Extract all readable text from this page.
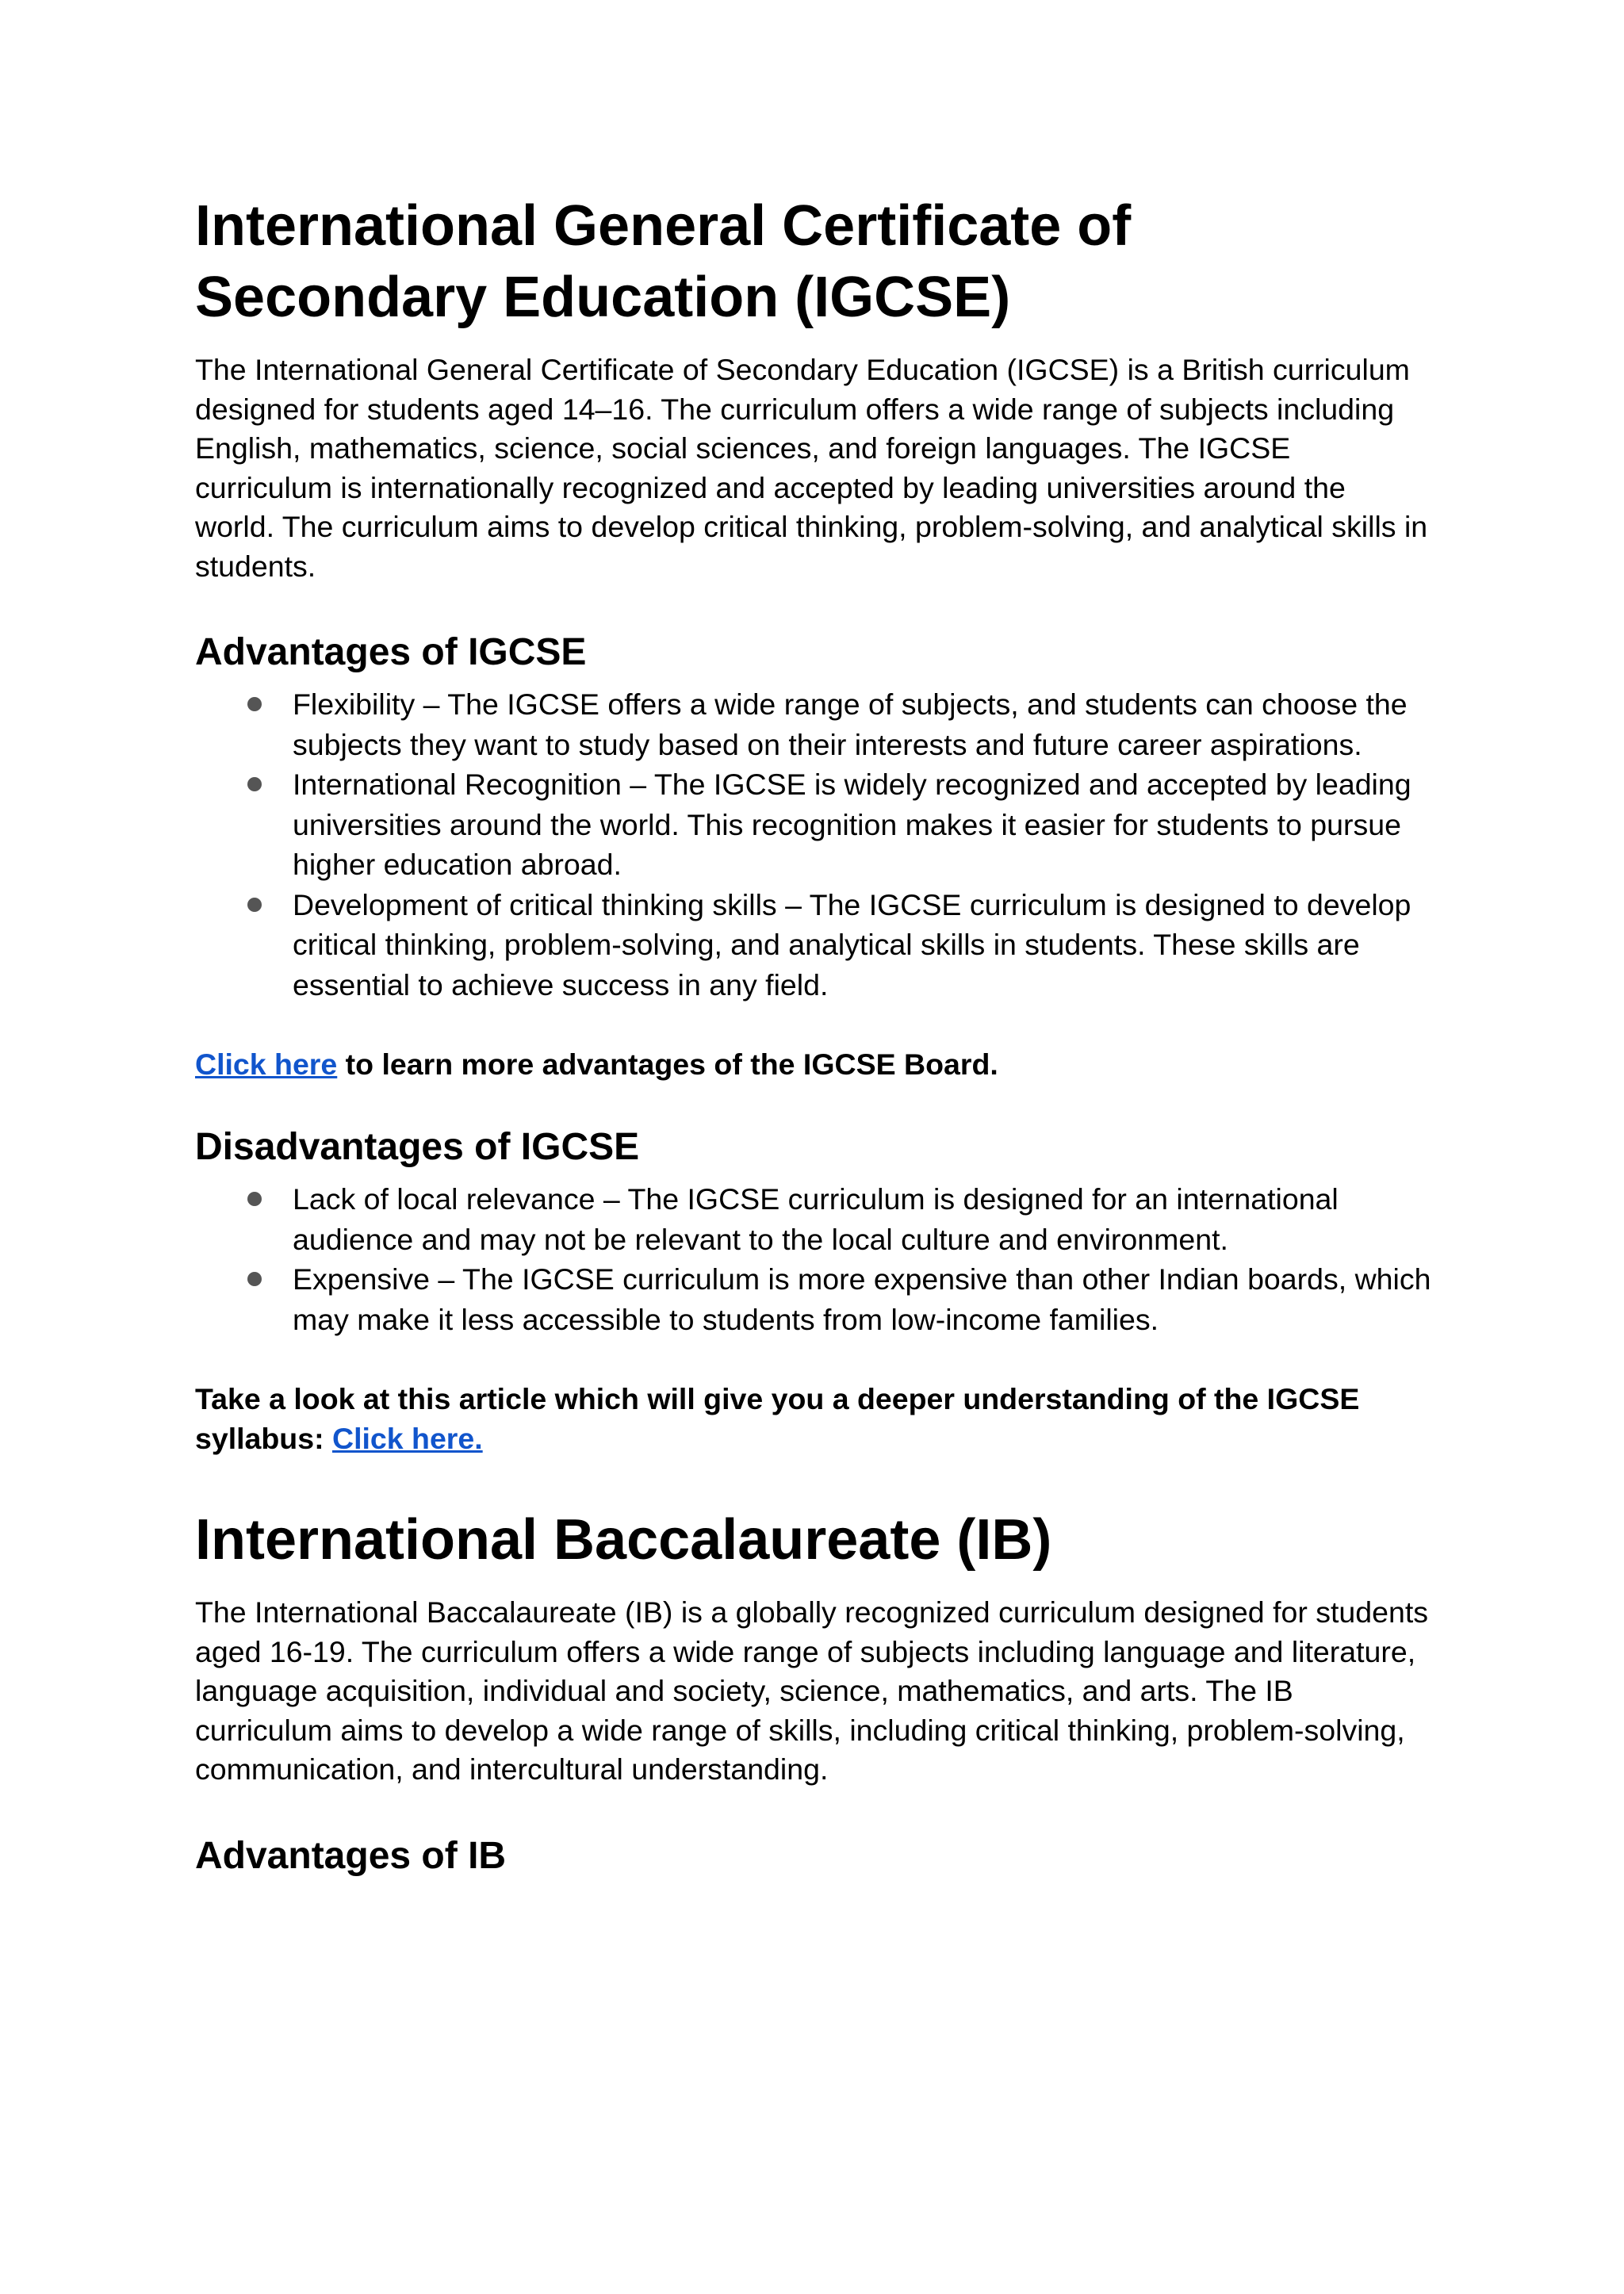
International General Certificate of Secondary Education (IGCSE)

The International General Certificate of Secondary Education (IGCSE) is a British curriculum designed for students aged 14–16. The curriculum offers a wide range of subjects including English, mathematics, science, social sciences, and foreign languages. The IGCSE curriculum is internationally recognized and accepted by leading universities around the world. The curriculum aims to develop critical thinking, problem-solving, and analytical skills in students.

Advantages of IGCSE
Flexibility – The IGCSE offers a wide range of subjects, and students can choose the subjects they want to study based on their interests and future career aspirations.
International Recognition – The IGCSE is widely recognized and accepted by leading universities around the world. This recognition makes it easier for students to pursue higher education abroad.
Development of critical thinking skills – The IGCSE curriculum is designed to develop critical thinking, problem-solving, and analytical skills in students. These skills are essential to achieve success in any field.

Click here to learn more advantages of the IGCSE Board.

Disadvantages of IGCSE
Lack of local relevance – The IGCSE curriculum is designed for an international audience and may not be relevant to the local culture and environment.
Expensive – The IGCSE curriculum is more expensive than other Indian boards, which may make it less accessible to students from low-income families.

Take a look at this article which will give you a deeper understanding of the IGCSE syllabus: Click here.

International Baccalaureate (IB)

The International Baccalaureate (IB) is a globally recognized curriculum designed for students aged 16-19. The curriculum offers a wide range of subjects including language and literature, language acquisition, individual and society, science, mathematics, and arts. The IB curriculum aims to develop a wide range of skills, including critical thinking, problem-solving, communication, and intercultural understanding.

Advantages of IB
